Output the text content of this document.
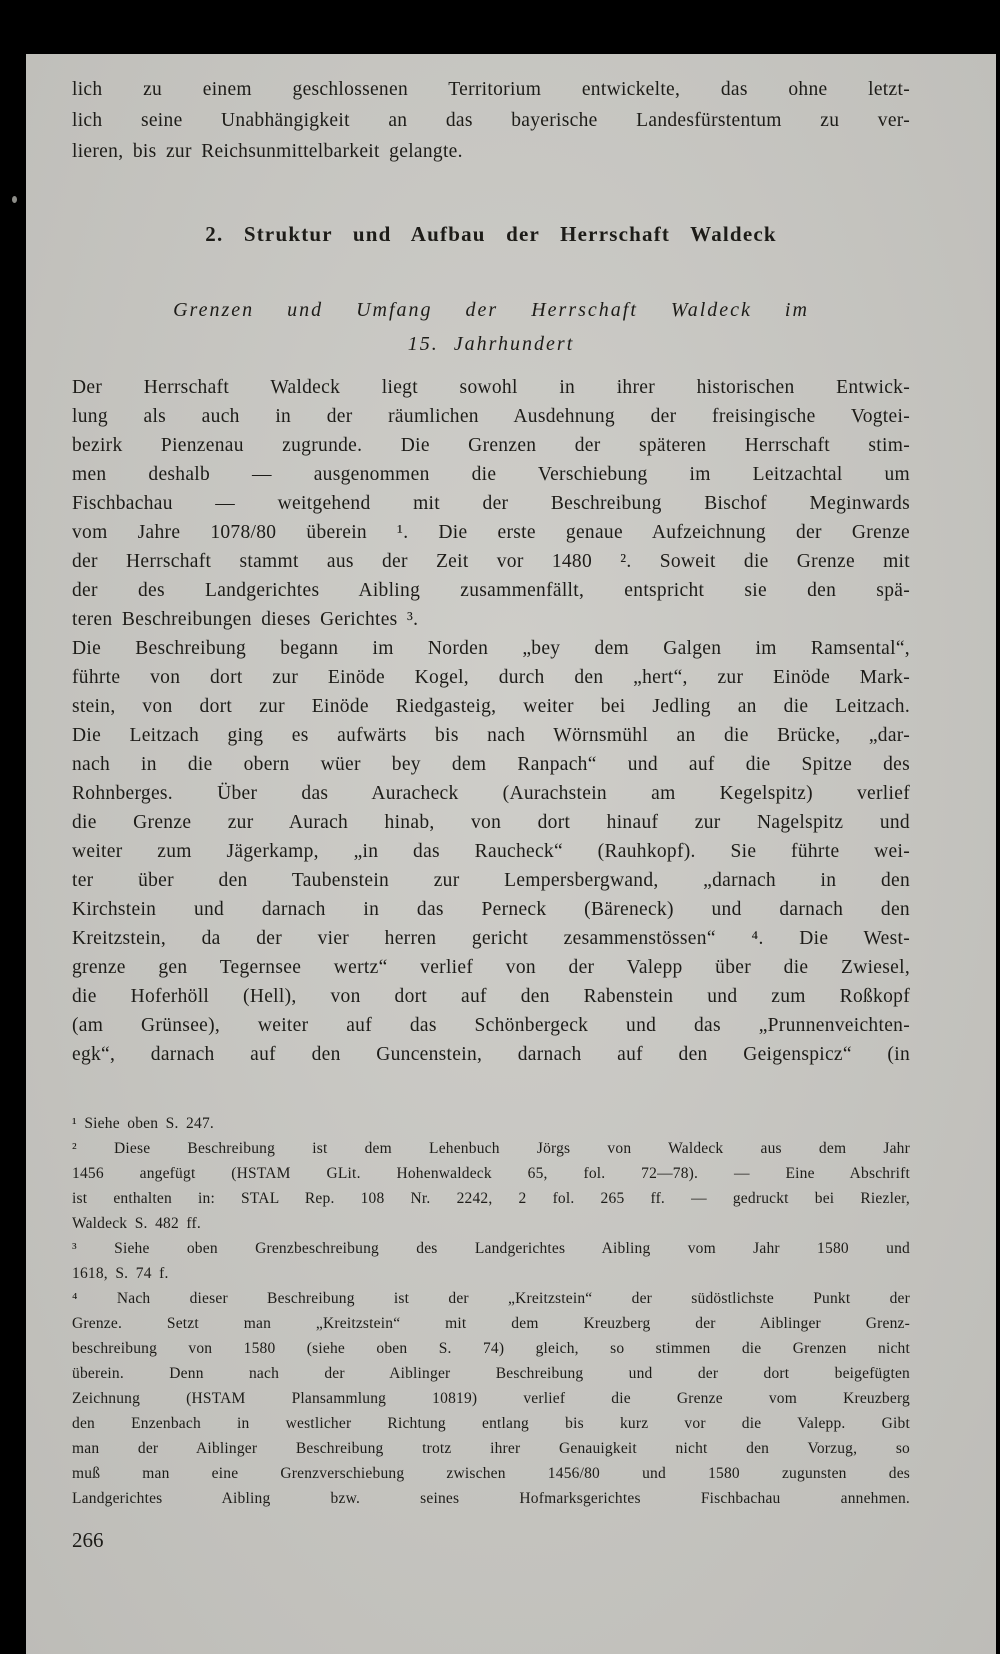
lich zu einem geschlossenen Territorium entwickelte, das ohne letzt-
lich seine Unabhängigkeit an das bayerische Landesfürstentum zu ver-
lieren, bis zur Reichsunmittelbarkeit gelangte.
2. Struktur und Aufbau der Herrschaft Waldeck
Grenzen und Umfang der Herrschaft Waldeck im
15. Jahrhundert
Der Herrschaft Waldeck liegt sowohl in ihrer historischen Entwick-
lung als auch in der räumlichen Ausdehnung der freisingische Vogtei-
bezirk Pienzenau zugrunde. Die Grenzen der späteren Herrschaft stim-
men deshalb — ausgenommen die Verschiebung im Leitzachtal um
Fischbachau — weitgehend mit der Beschreibung Bischof Meginwards
vom Jahre 1078/80 überein ¹. Die erste genaue Aufzeichnung der Grenze
der Herrschaft stammt aus der Zeit vor 1480 ². Soweit die Grenze mit
der des Landgerichtes Aibling zusammenfällt, entspricht sie den spä-
teren Beschreibungen dieses Gerichtes ³.
Die Beschreibung begann im Norden „bey dem Galgen im Ramsental“,
führte von dort zur Einöde Kogel, durch den „hert“, zur Einöde Mark-
stein, von dort zur Einöde Riedgasteig, weiter bei Jedling an die Leitzach.
Die Leitzach ging es aufwärts bis nach Wörnsmühl an die Brücke, „dar-
nach in die obern wüer bey dem Ranpach“ und auf die Spitze des
Rohnberges. Über das Auracheck (Aurachstein am Kegelspitz) verlief
die Grenze zur Aurach hinab, von dort hinauf zur Nagelspitz und
weiter zum Jägerkamp, „in das Raucheck“ (Rauhkopf). Sie führte wei-
ter über den Taubenstein zur Lempersbergwand, „darnach in den
Kirchstein und darnach in das Perneck (Bäreneck) und darnach den
Kreitzstein, da der vier herren gericht zesammenstössen“ ⁴. Die West-
grenze gen Tegernsee wertz“ verlief von der Valepp über die Zwiesel,
die Hoferhöll (Hell), von dort auf den Rabenstein und zum Roßkopf
(am Grünsee), weiter auf das Schönbergeck und das „Prunnenveichten-
egk“, darnach auf den Guncenstein, darnach auf den Geigenspicz“ (in
¹ Siehe oben S. 247.
² Diese Beschreibung ist dem Lehenbuch Jörgs von Waldeck aus dem Jahr
1456 angefügt (HSTAM GLit. Hohenwaldeck 65, fol. 72—78). — Eine Abschrift
ist enthalten in: STAL Rep. 108 Nr. 2242, 2 fol. 265 ff. — gedruckt bei Riezler,
Waldeck S. 482 ff.
³ Siehe oben Grenzbeschreibung des Landgerichtes Aibling vom Jahr 1580 und
1618, S. 74 f.
⁴ Nach dieser Beschreibung ist der „Kreitzstein“ der südöstlichste Punkt der
Grenze. Setzt man „Kreitzstein“ mit dem Kreuzberg der Aiblinger Grenz-
beschreibung von 1580 (siehe oben S. 74) gleich, so stimmen die Grenzen nicht
überein. Denn nach der Aiblinger Beschreibung und der dort beigefügten
Zeichnung (HSTAM Plansammlung 10819) verlief die Grenze vom Kreuzberg
den Enzenbach in westlicher Richtung entlang bis kurz vor die Valepp. Gibt
man der Aiblinger Beschreibung trotz ihrer Genauigkeit nicht den Vorzug, so
muß man eine Grenzverschiebung zwischen 1456/80 und 1580 zugunsten des
Landgerichtes Aibling bzw. seines Hofmarksgerichtes Fischbachau annehmen.
266
